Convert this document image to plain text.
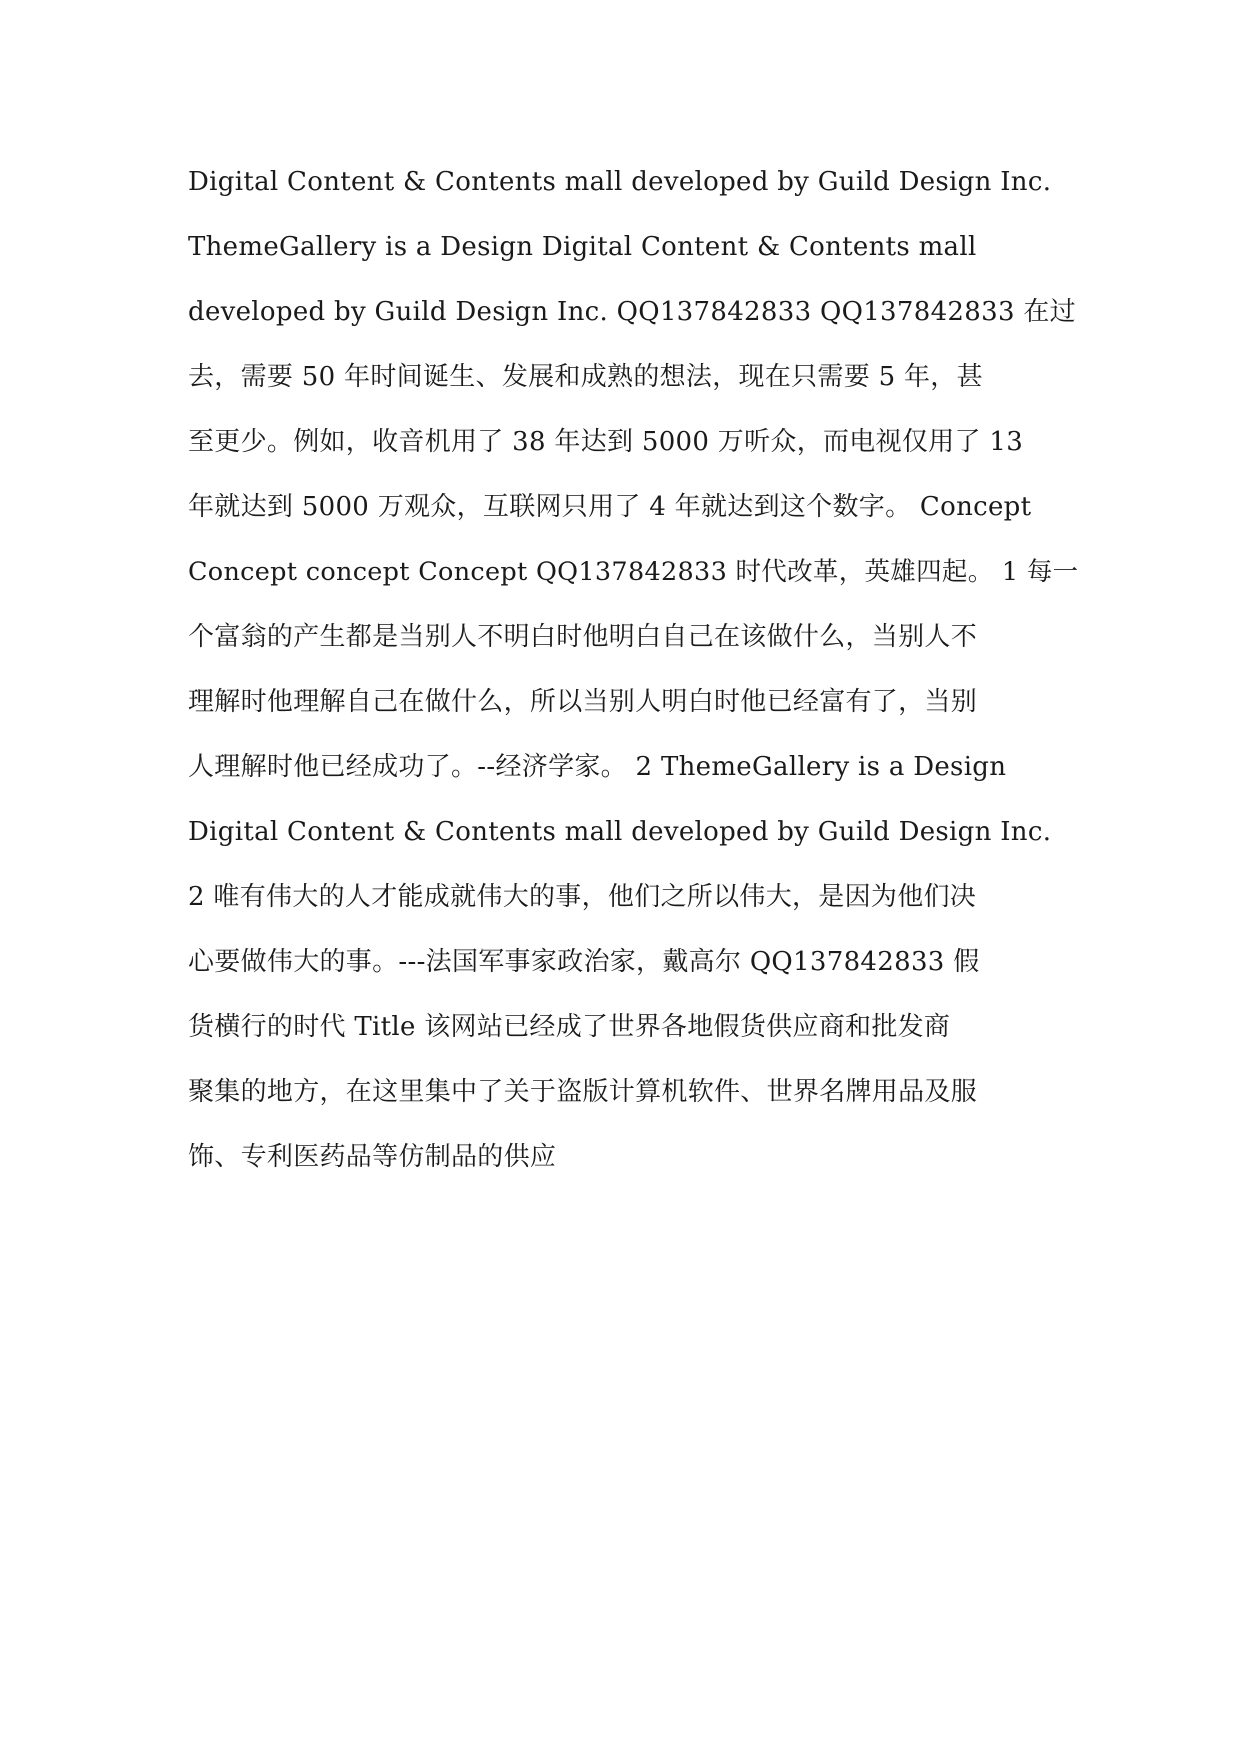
Digital Content & Contents mall developed by Guild Design Inc.
ThemeGallery is a Design Digital Content & Contents mall
developed by Guild Design Inc. QQ137842833 QQ137842833 在过
去，需要 50 年时间诞生、发展和成熟的想法，现在只需要 5 年，甚
至更少。例如，收音机用了 38 年达到 5000 万听众，而电视仅用了 13
年就达到 5000 万观众，互联网只用了 4 年就达到这个数字。 Concept
Concept concept Concept QQ137842833 时代改革，英雄四起。 1 每一
个富翁的产生都是当别人不明白时他明白自己在该做什么，当别人不
理解时他理解自己在做什么，所以当别人明白时他已经富有了，当别
人理解时他已经成功了。--经济学家。 2 ThemeGallery is a Design
Digital Content & Contents mall developed by Guild Design Inc.
2 唯有伟大的人才能成就伟大的事，他们之所以伟大，是因为他们决
心要做伟大的事。---法国军事家政治家，戴高尔 QQ137842833 假
货横行的时代 Title 该网站已经成了世界各地假货供应商和批发商
聚集的地方，在这里集中了关于盗版计算机软件、世界名牌用品及服
饰、专利医药品等仿制品的供应
